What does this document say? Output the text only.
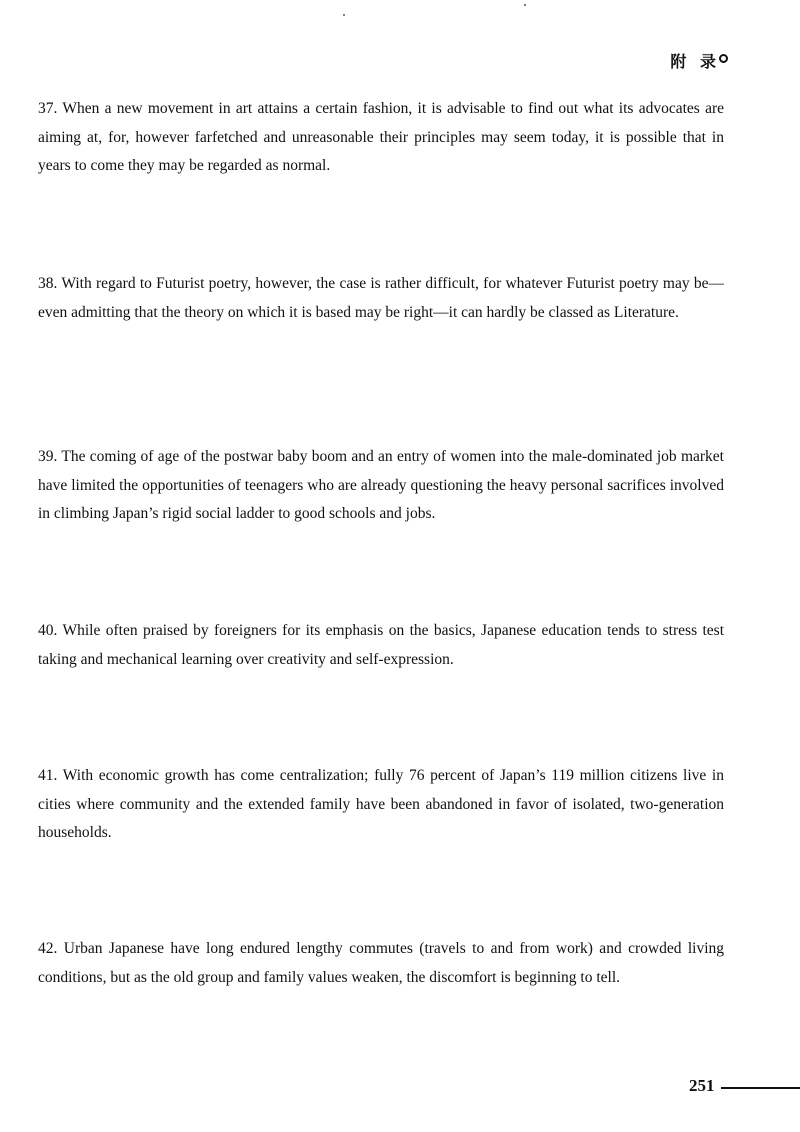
附 录

37. When a new movement in art attains a certain fashion, it is advisable to find out what its advocates are aiming at, for, however farfetched and unreasonable their principles may seem today, it is possible that in years to come they may be regarded as normal.

38. With regard to Futurist poetry, however, the case is rather difficult, for whatever Futurist poetry may be—even admitting that the theory on which it is based may be right—it can hardly be classed as Literature.

39. The coming of age of the postwar baby boom and an entry of women into the male-dominated job market have limited the opportunities of teenagers who are already questioning the heavy personal sacrifices involved in climbing Japan’s rigid social ladder to good schools and jobs.

40. While often praised by foreigners for its emphasis on the basics, Japanese education tends to stress test taking and mechanical learning over creativity and self-expression.

41. With economic growth has come centralization; fully 76 percent of Japan’s 119 million citizens live in cities where community and the extended family have been abandoned in favor of isolated, two-generation households.

42. Urban Japanese have long endured lengthy commutes (travels to and from work) and crowded living conditions, but as the old group and family values weaken, the discomfort is beginning to tell.

251
